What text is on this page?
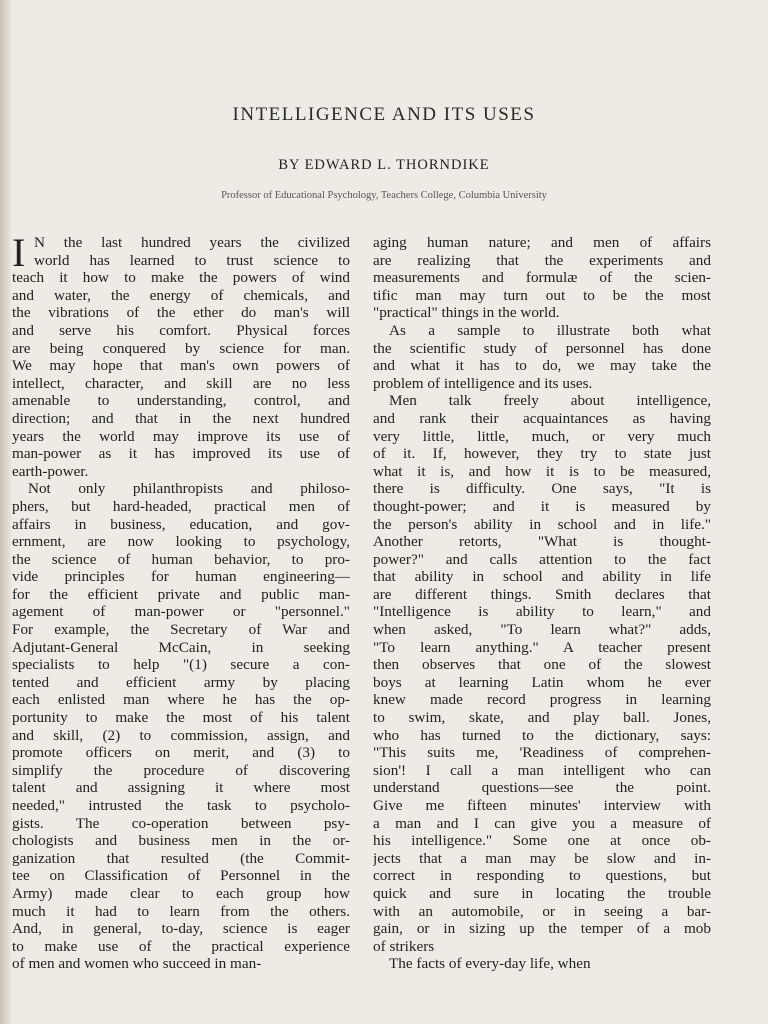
INTELLIGENCE AND ITS USES
BY EDWARD L. THORNDIKE
Professor of Educational Psychology, Teachers College, Columbia University
I N the last hundred years the civilized
world has learned to trust science to
teach it how to make the powers of wind
and water, the energy of chemicals, and
the vibrations of the ether do man's will
and serve his comfort. Physical forces
are being conquered by science for man.
We may hope that man's own powers of
intellect, character, and skill are no less
amenable to understanding, control, and
direction; and that in the next hundred
years the world may improve its use of
man-power as it has improved its use of
earth-power.
Not only philanthropists and philoso-
phers, but hard-headed, practical men of
affairs in business, education, and gov-
ernment, are now looking to psychology,
the science of human behavior, to pro-
vide principles for human engineering—
for the efficient private and public man-
agement of man-power or "personnel."
For example, the Secretary of War and
Adjutant-General McCain, in seeking
specialists to help "(1) secure a con-
tented and efficient army by placing
each enlisted man where he has the op-
portunity to make the most of his talent
and skill, (2) to commission, assign, and
promote officers on merit, and (3) to
simplify the procedure of discovering
talent and assigning it where most
needed," intrusted the task to psycholo-
gists. The co-operation between psy-
chologists and business men in the or-
ganization that resulted (the Commit-
tee on Classification of Personnel in the
Army) made clear to each group how
much it had to learn from the others.
And, in general, to-day, science is eager
to make use of the practical experience
of men and women who succeed in man-
aging human nature; and men of affairs
are realizing that the experiments and
measurements and formulæ of the scien-
tific man may turn out to be the most
"practical" things in the world.
As a sample to illustrate both what
the scientific study of personnel has done
and what it has to do, we may take the
problem of intelligence and its uses.
Men talk freely about intelligence,
and rank their acquaintances as having
very little, little, much, or very much
of it. If, however, they try to state just
what it is, and how it is to be measured,
there is difficulty. One says, "It is
thought-power; and it is measured by
the person's ability in school and in life."
Another retorts, "What is thought-
power?" and calls attention to the fact
that ability in school and ability in life
are different things. Smith declares that
"Intelligence is ability to learn," and
when asked, "To learn what?" adds,
"To learn anything." A teacher present
then observes that one of the slowest
boys at learning Latin whom he ever
knew made record progress in learning
to swim, skate, and play ball. Jones,
who has turned to the dictionary, says:
"This suits me, 'Readiness of comprehen-
sion'! I call a man intelligent who can
understand questions—see the point.
Give me fifteen minutes' interview with
a man and I can give you a measure of
his intelligence." Some one at once ob-
jects that a man may be slow and in-
correct in responding to questions, but
quick and sure in locating the trouble
with an automobile, or in seeing a bar-
gain, or in sizing up the temper of a mob
of strikers
The facts of every-day life, when
